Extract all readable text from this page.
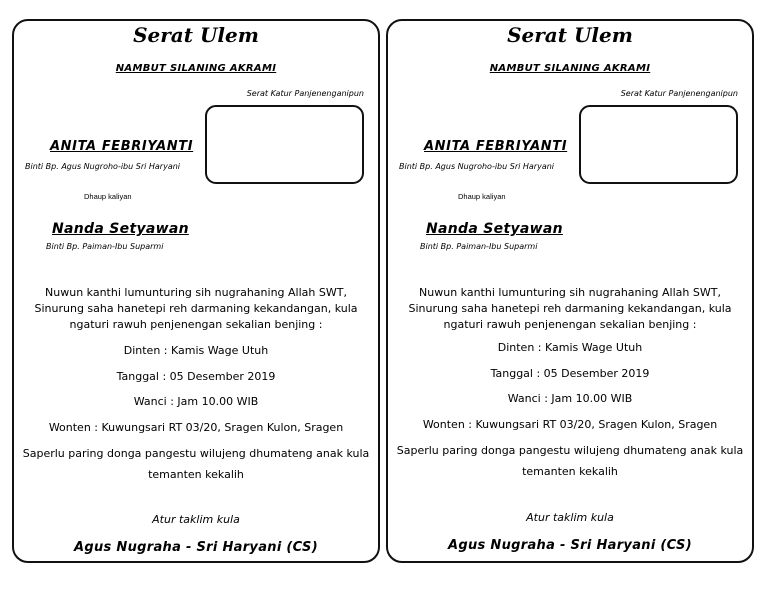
Serat Ulem
NAMBUT SILANING AKRAMI
Serat Katur Panjenenganipun
ANITA FEBRIYANTI
Binti Bp. Agus Nugroho-ibu Sri Haryani
Dhaup kaliyan
Nanda Setyawan
Binti Bp. Paiman-Ibu Suparmi
Nuwun kanthi lumunturing sih nugrahaning Allah SWT, Sinurung saha hanetepi reh darmaning kekandangan, kula ngaturi rawuh penjenengan sekalian benjing :
Dinten : Kamis Wage Utuh
Tanggal : 05 Desember 2019
Wanci : Jam 10.00 WIB
Wonten : Kuwungsari RT 03/20, Sragen Kulon, Sragen
Saperlu paring donga pangestu wilujeng dhumateng anak kula
temanten kekalih
Atur taklim kula
Agus Nugraha - Sri Haryani (CS)
Serat Ulem
NAMBUT SILANING AKRAMI
Serat Katur Panjenenganipun
ANITA FEBRIYANTI
Binti Bp. Agus Nugroho-ibu Sri Haryani
Dhaup kaliyan
Nanda Setyawan
Binti Bp. Paiman-Ibu Suparmi
Nuwun kanthi lumunturing sih nugrahaning Allah SWT, Sinurung saha hanetepi reh darmaning kekandangan, kula ngaturi rawuh penjenengan sekalian benjing :
Dinten : Kamis Wage Utuh
Tanggal : 05 Desember 2019
Wanci : Jam 10.00 WIB
Wonten : Kuwungsari RT 03/20, Sragen Kulon, Sragen
Saperlu paring donga pangestu wilujeng dhumateng anak kula
temanten kekalih
Atur taklim kula
Agus Nugraha - Sri Haryani (CS)
